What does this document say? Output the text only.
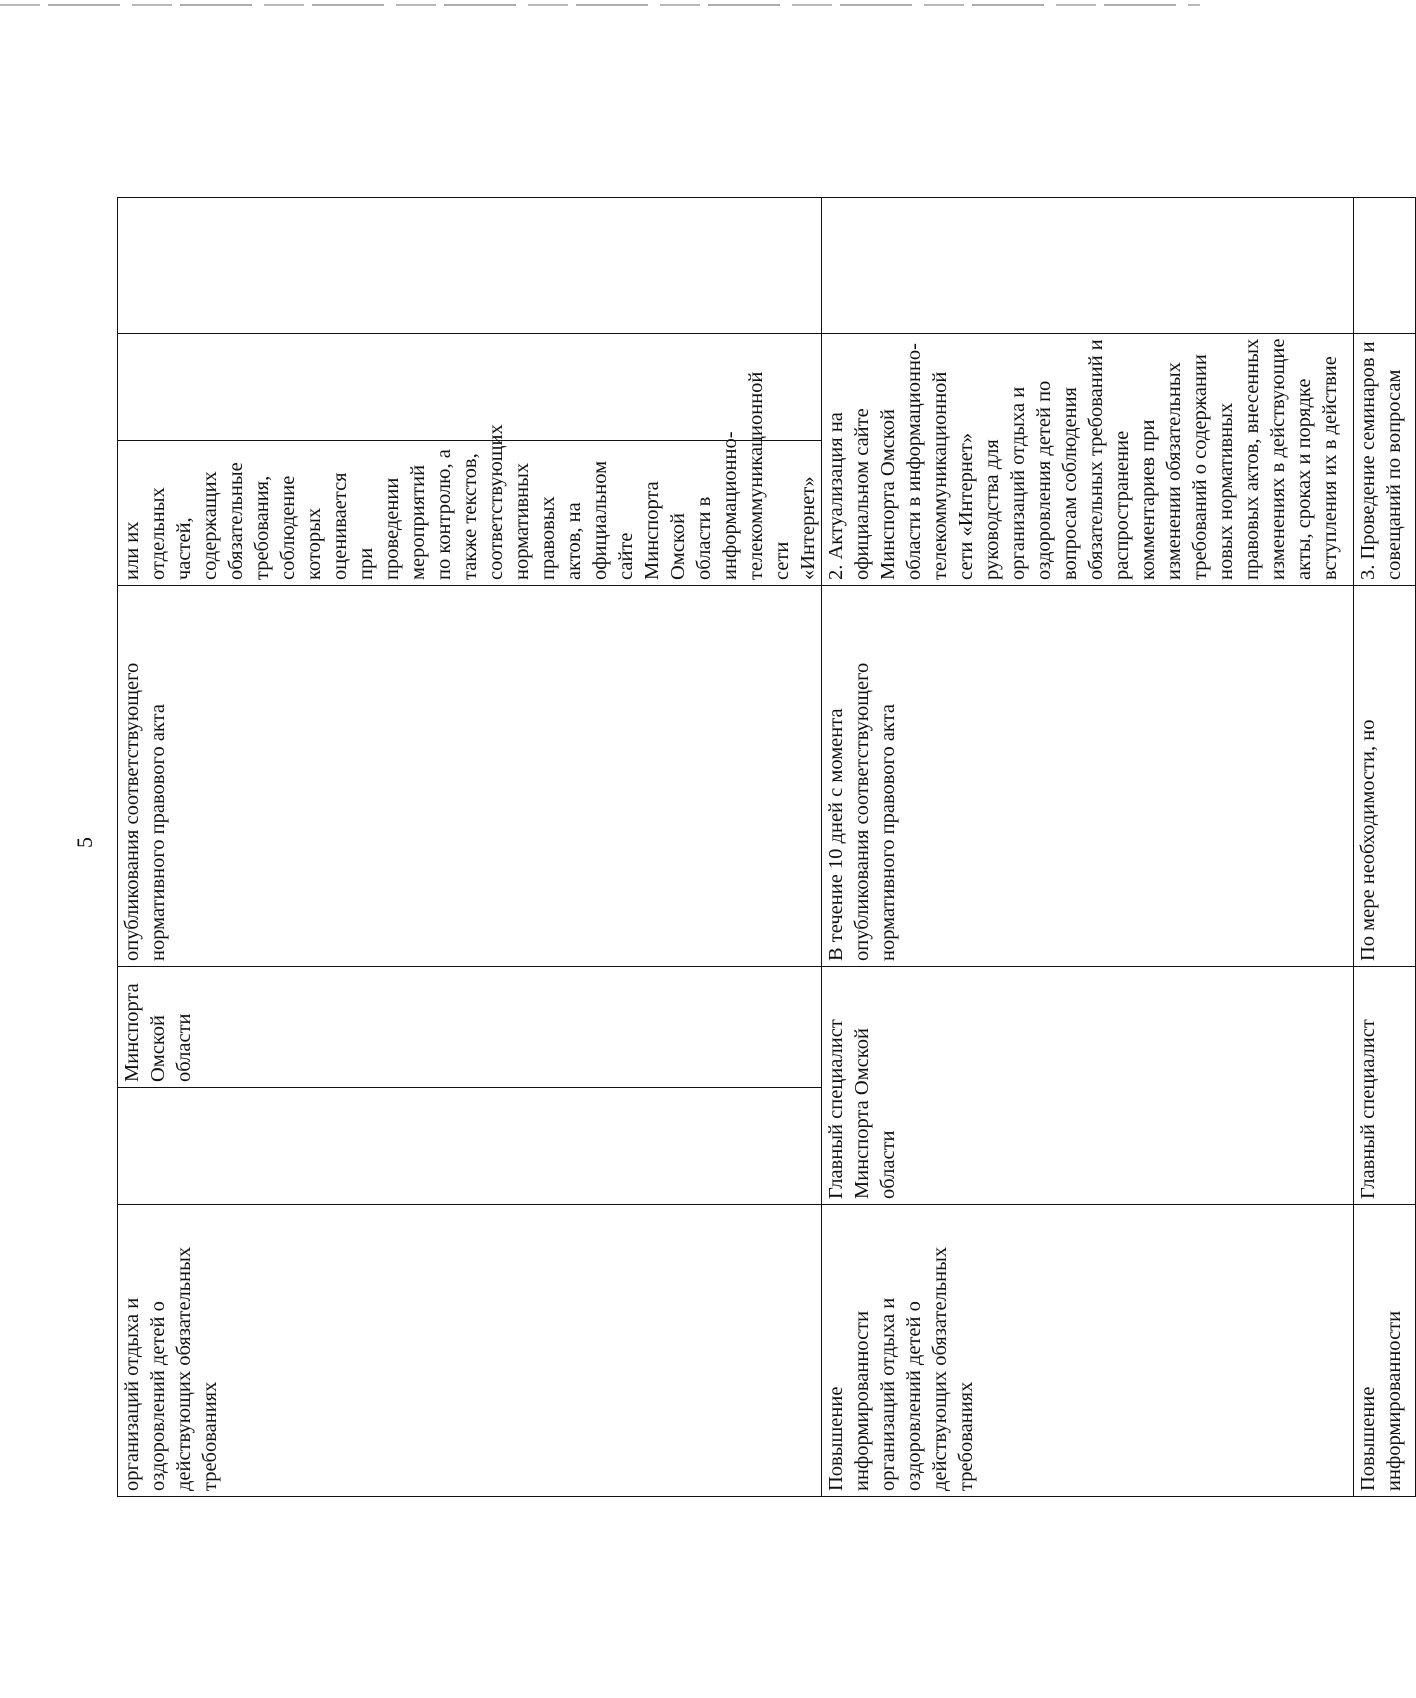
5
организаций отдыха и оздоровлений детей о действующих обязательных требованиях		Минспорта Омской области	опубликования соответствующего нормативного правового акта	или их отдельных частей, содержащих обязательные требования, соблюдение которых оценивается при проведении мероприятий по контролю, а также текстов, соответствующих нормативных правовых актов, на официальном сайте Минспорта Омской области в информационно-телекоммуникационной сети «Интернет»		
Повышение информированности организаций отдыха и оздоровлений детей о действующих обязательных требованиях	Главный специалист Минспорта Омской области		В течение 10 дней с момента опубликования соответствующего нормативного правового акта	2. Актуализация на официальном сайте Минспорта Омской области в информационно-телекоммуникационной сети «Интернет» руководства для организаций отдыха и оздоровления детей по вопросам соблюдения обязательных требований и распространение комментариев при изменении обязательных требований о содержании новых нормативных правовых актов, внесенных изменениях в действующие акты, сроках и порядке вступления их в действие		
Повышение информированности	Главный специалист		По мере необходимости, но	3. Проведение семинаров и совещаний по вопросам		
